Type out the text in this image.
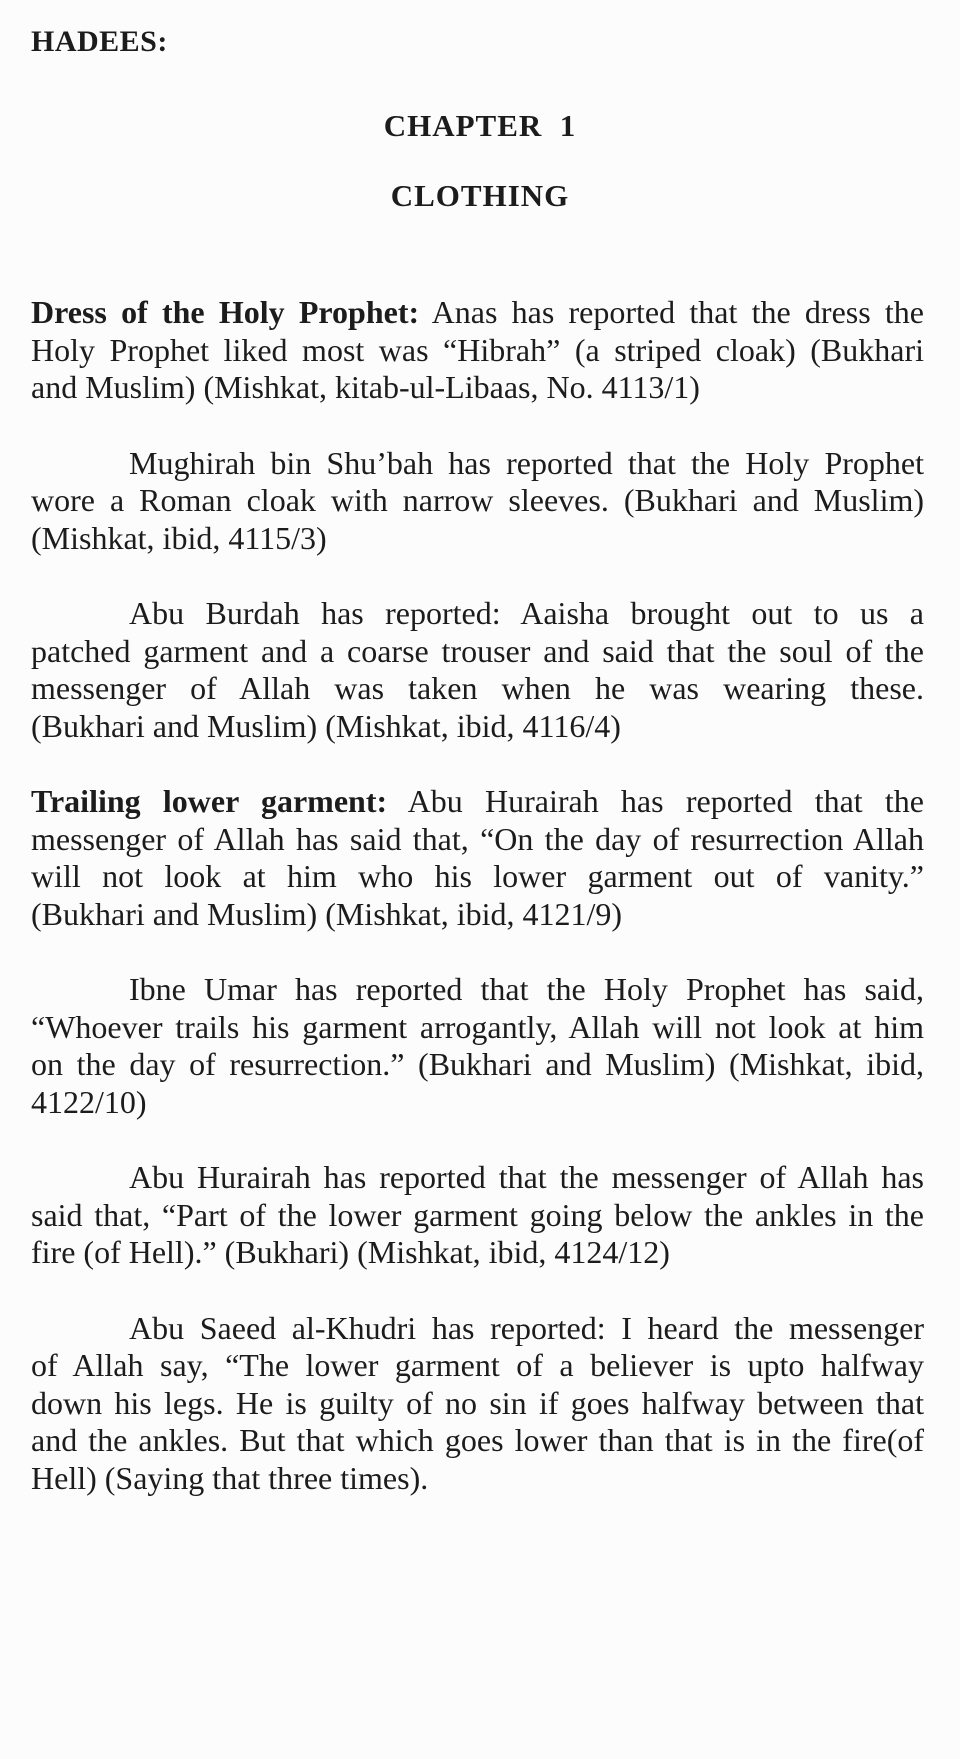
HADEES:
CHAPTER  1
CLOTHING
Dress of the Holy Prophet: Anas has reported that the dress the
Holy Prophet liked most was “Hibrah” (a striped cloak) (Bukhari
and Muslim) (Mishkat, kitab-ul-Libaas, No. 4113/1)
Mughirah bin Shu’bah has reported that the Holy Prophet
wore a Roman cloak with narrow sleeves. (Bukhari and Muslim)
(Mishkat, ibid, 4115/3)
Abu Burdah has reported: Aaisha brought out to us a
patched garment and a coarse trouser and said that the soul of the
messenger of Allah was taken when he was wearing these.
(Bukhari and Muslim) (Mishkat, ibid, 4116/4)
Trailing lower garment: Abu Hurairah has reported that the
messenger of Allah has said that, “On the day of resurrection Allah
will not look at him who his lower garment out of vanity.”
(Bukhari and Muslim) (Mishkat, ibid, 4121/9)
Ibne Umar has reported that the Holy Prophet has said,
“Whoever trails his garment arrogantly, Allah will not look at him
on the day of resurrection.” (Bukhari and Muslim) (Mishkat, ibid,
4122/10)
Abu Hurairah has reported that the messenger of Allah has
said that, “Part of the lower garment going below the ankles in the
fire (of Hell).” (Bukhari) (Mishkat, ibid, 4124/12)
Abu Saeed al-Khudri has reported: I heard the messenger
of Allah say, “The lower garment of a believer is upto halfway
down his legs. He is guilty of no sin if goes halfway between that
and the ankles. But that which goes lower than that is in the fire(of
Hell) (Saying that three times).
